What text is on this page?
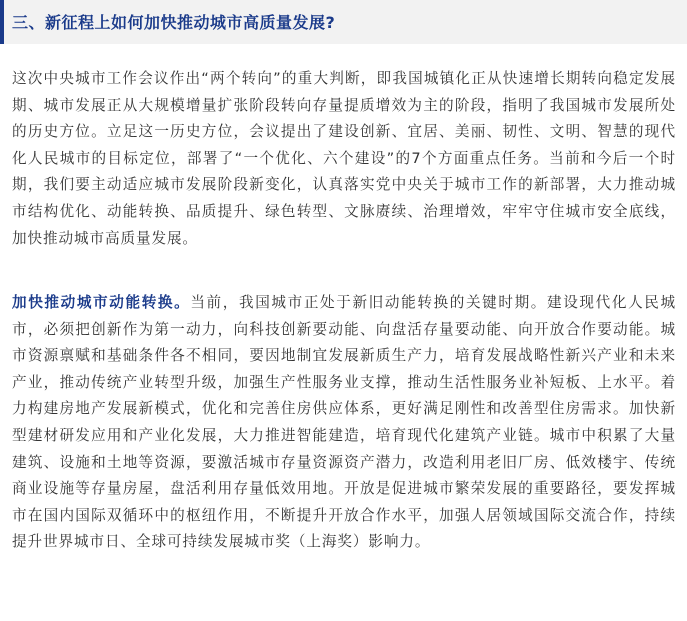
三、新征程上如何加快推动城市高质量发展?
这次中央城市工作会议作出“两个转向”的重大判断，即我国城镇化正从快速增长期转向稳定发展期、城市发展正从大规模增量扩张阶段转向存量提质增效为主的阶段，指明了我国城市发展所处的历史方位。立足这一历史方位，会议提出了建设创新、宜居、美丽、韧性、文明、智慧的现代化人民城市的目标定位，部署了“一个优化、六个建设”的7个方面重点任务。当前和今后一个时期，我们要主动适应城市发展阶段新变化，认真落实党中央关于城市工作的新部署，大力推动城市结构优化、动能转换、品质提升、绿色转型、文脉赓续、治理增效，牢牢守住城市安全底线，加快推动城市高质量发展。
加快推动城市动能转换。当前，我国城市正处于新旧动能转换的关键时期。建设现代化人民城市，必须把创新作为第一动力，向科技创新要动能、向盘活存量要动能、向开放合作要动能。城市资源禀赋和基础条件各不相同，要因地制宜发展新质生产力，培育发展战略性新兴产业和未来产业，推动传统产业转型升级，加强生产性服务业支撑，推动生活性服务业补短板、上水平。着力构建房地产发展新模式，优化和完善住房供应体系，更好满足刚性和改善型住房需求。加快新型建材研发应用和产业化发展，大力推进智能建造，培育现代化建筑产业链。城市中积累了大量建筑、设施和土地等资源，要激活城市存量资源资产潜力，改造利用老旧厂房、低效楼宇、传统商业设施等存量房屋，盘活利用存量低效用地。开放是促进城市繁荣发展的重要路径，要发挥城市在国内国际双循环中的枢纽作用，不断提升开放合作水平，加强人居领域国际交流合作，持续提升世界城市日、全球可持续发展城市奖（上海奖）影响力。
